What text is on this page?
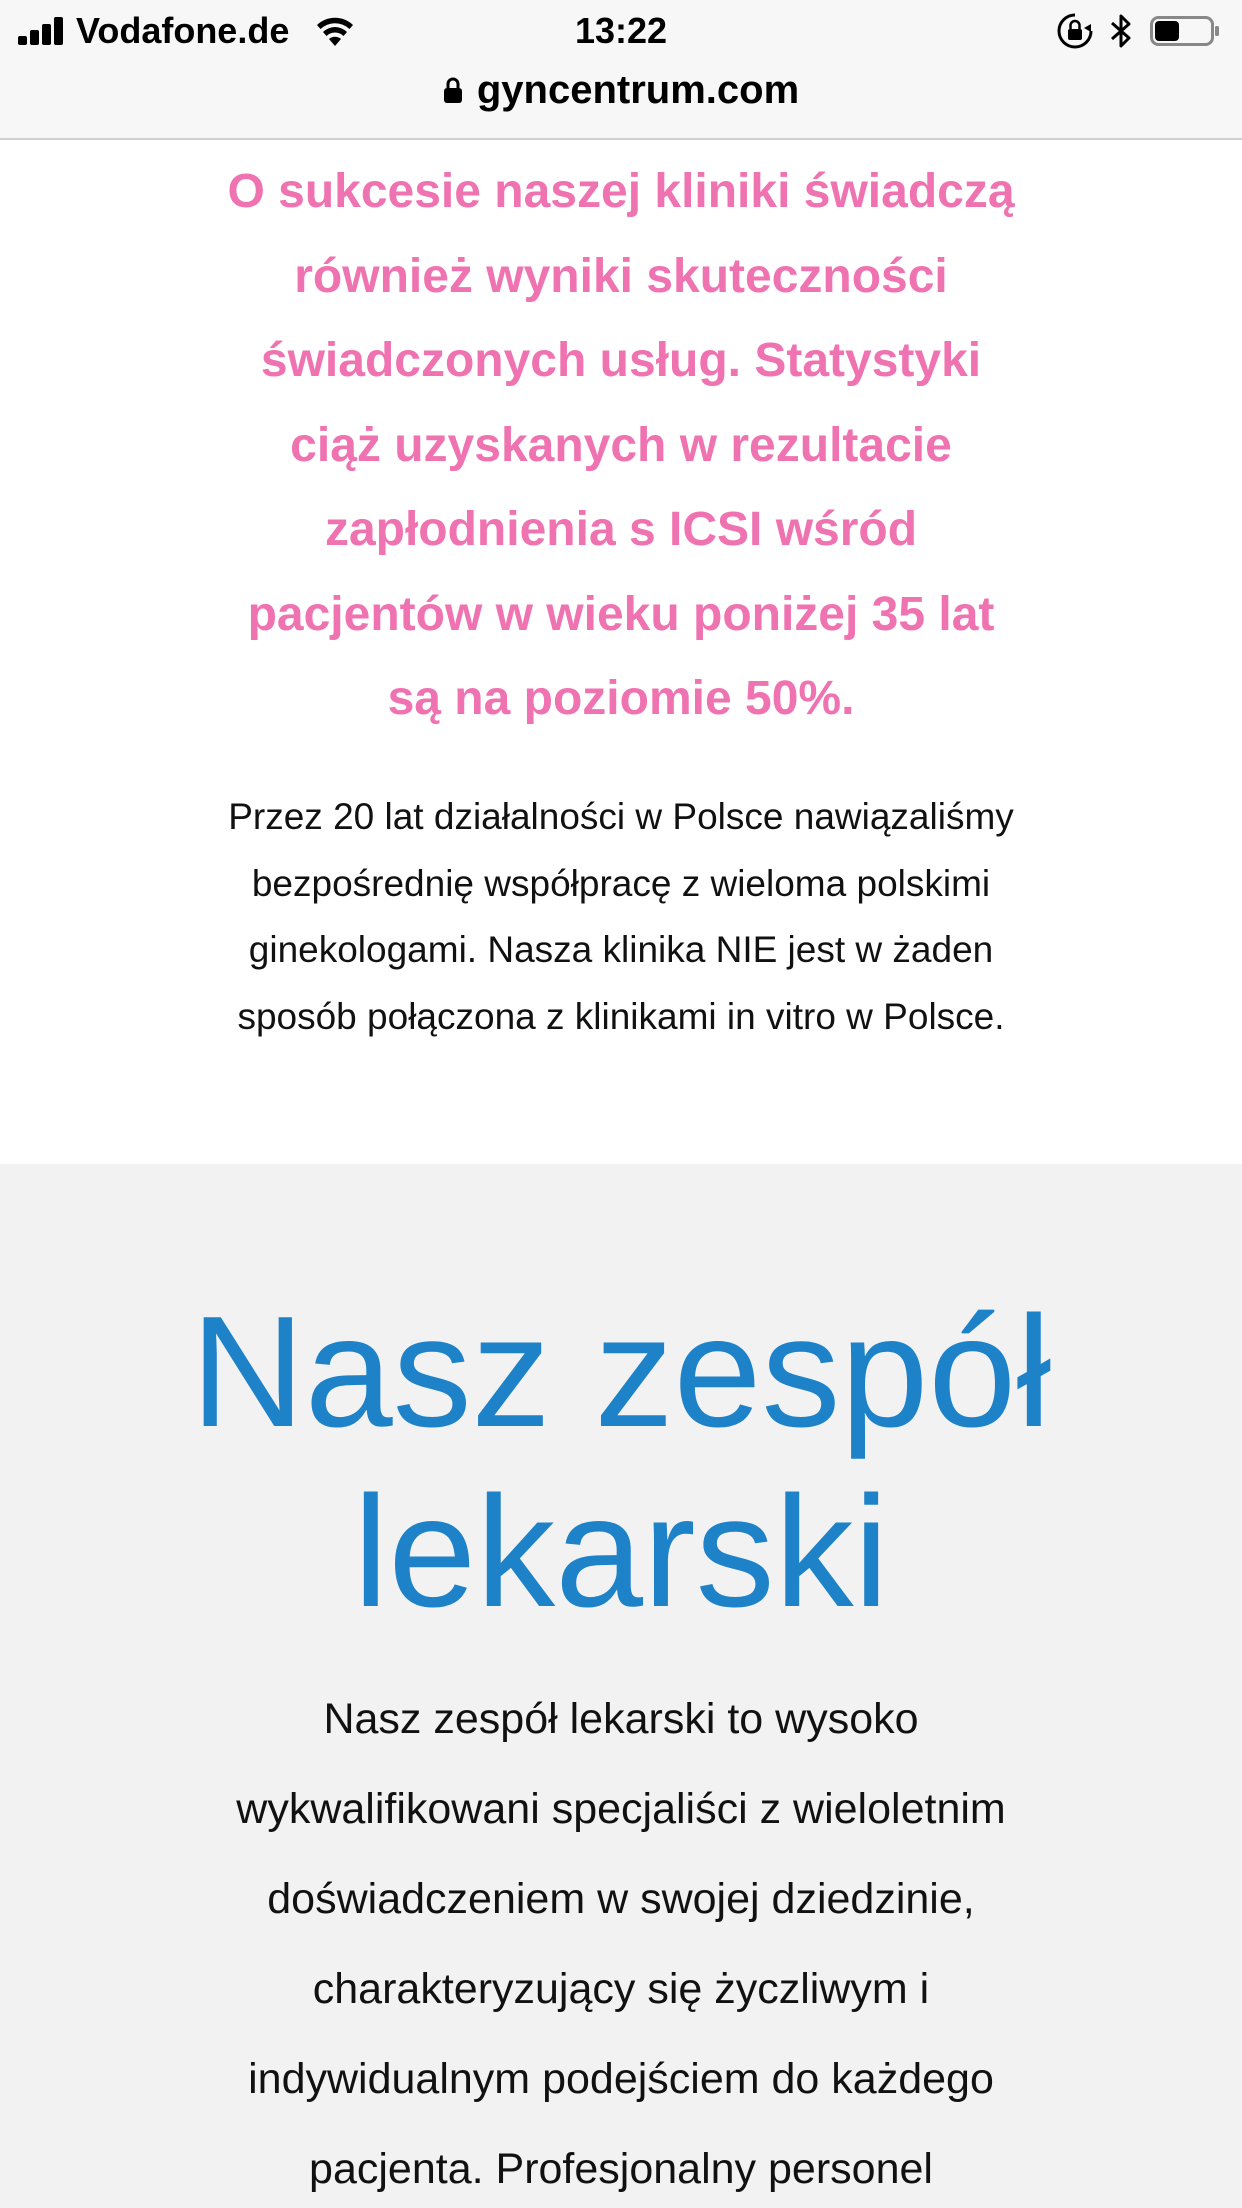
Vodafone.de	13:22
gyncentrum.com

O sukcesie naszej kliniki świadczą
również wyniki skuteczności
świadczonych usług. Statystyki
ciąż uzyskanych w rezultacie
zapłodnienia s ICSI wśród
pacjentów w wieku poniżej 35 lat
są na poziomie 50%.

Przez 20 lat działalności w Polsce nawiązaliśmy
bezpośrednię współpracę z wieloma polskimi
ginekologami. Nasza klinika NIE jest w żaden
sposób połączona z klinikami in vitro w Polsce.

Nasz zespół
lekarski

Nasz zespół lekarski to wysoko
wykwalifikowani specjaliści z wieloletnim
doświadczeniem w swojej dziedzinie,
charakteryzujący się życzliwym i
indywidualnym podejściem do każdego
pacjenta. Profesjonalny personel
